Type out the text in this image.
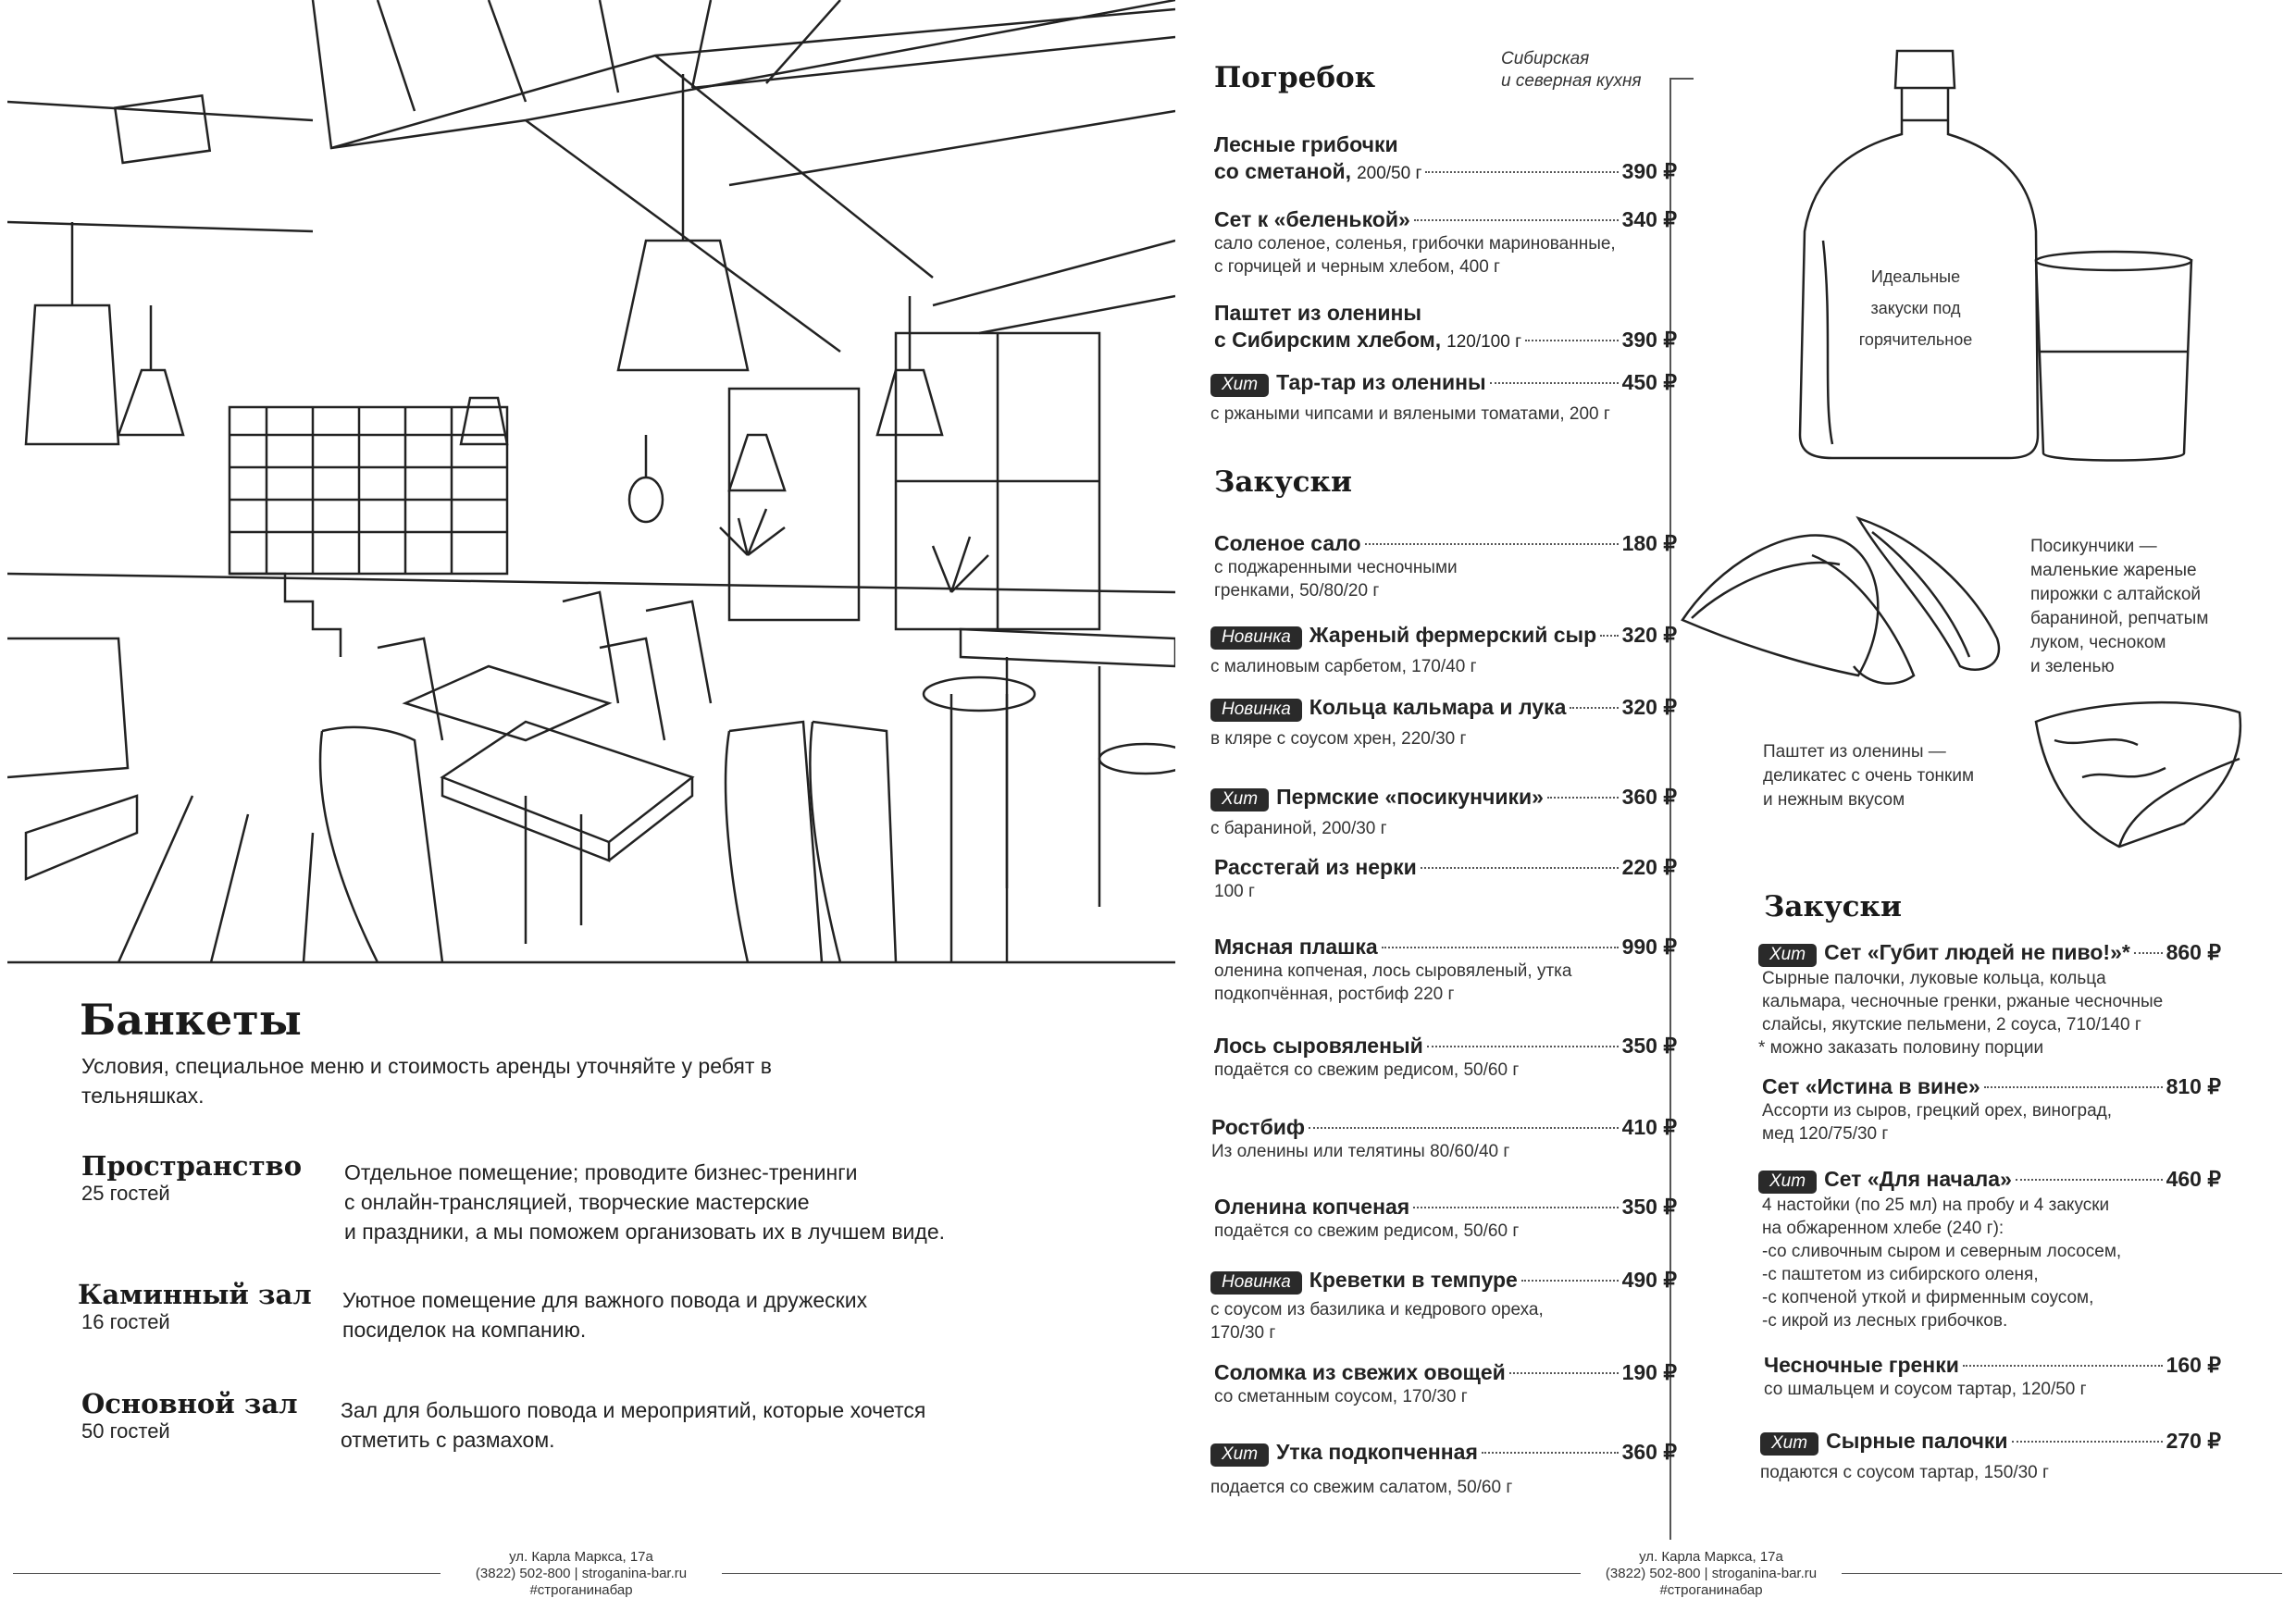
Банкеты
Условия, специальное меню и стоимость аренды уточняйте у ребят в тельняшках.
Пространство
25 гостей
Отдельное помещение; проводите бизнес-тренинги
с онлайн-трансляцией, творческие мастерские
и праздники, а мы поможем организовать их в лучшем виде.
Каминный зал
16 гостей
Уютное помещение для важного повода и дружеских
посиделок на компанию.
Основной зал
50 гостей
Зал для большого повода и мероприятий, которые хочется
отметить с размахом.
Погребок
Сибирская
и северная кухня
Лесные грибочки
со сметаной, 200/50 г	390 ₽
Сет к «беленькой»	340 ₽
сало соленое, соленья, грибочки маринованные,
с горчицей и черным хлебом, 400 г
Паштет из оленины
с Сибирским хлебом, 120/100 г	390 ₽
Хит Тар-тар из оленины	450 ₽
с ржаными чипсами и вялеными томатами, 200 г
Закуски
Соленое сало	180 ₽
с поджаренными чесночными
гренками, 50/80/20 г
Новинка Жареный фермерский сыр 320 ₽
с малиновым сарбетом, 170/40 г
Новинка Кольца кальмара и лука	320 ₽
в кляре с соусом хрен, 220/30 г
Хит Пермские «посикунчики»	360 ₽
с бараниной, 200/30 г
Расстегай из нерки	220 ₽
100 г
Мясная плашка	990 ₽
оленина копченая, лось сыровяленый, утка
подкопчённая, ростбиф 220 г
Лось сыровяленый	350 ₽
подаётся со свежим редисом, 50/60 г
Ростбиф	410 ₽
Из оленины или телятины 80/60/40 г
Оленина копченая	350 ₽
подаётся со свежим редисом, 50/60 г
Новинка Креветки в темпуре	490 ₽
с соусом из базилика и кедрового ореха,
170/30 г
Соломка из свежих овощей	190 ₽
со сметанным соусом, 170/30 г
Хит Утка подкопченная	360 ₽
подается со свежим салатом, 50/60 г
Идеальные
закуски под
горячительное
Посикунчики —
маленькие жареные
пирожки с алтайской
бараниной, репчатым
луком, чесноком
и зеленью
Паштет из оленины —
деликатес с очень тонким
и нежным вкусом
Закуски
Хит Сет «Губит людей не пиво!»* 860 ₽
Сырные палочки, луковые кольца, кольца
кальмара, чесночные гренки, ржаные чесночные
слайсы, якутские пельмени, 2 соуса, 710/140 г
* можно заказать половину порции
Сет «Истина в вине»	810 ₽
Ассорти из сыров, грецкий орех, виноград,
мед 120/75/30 г
Хит Сет «Для начала»	460 ₽
4 настойки (по 25 мл) на пробу и 4 закуски
на обжаренном хлебе (240 г):
-со сливочным сыром и северным лососем,
-с паштетом из сибирского оленя,
-с копченой уткой и фирменным соусом,
-с икрой из лесных грибочков.
Чесночные гренки	160 ₽
со шмальцем и соусом тартар, 120/50 г
Хит Сырные палочки	270 ₽
подаются с соусом тартар, 150/30 г
ул. Карла Маркса, 17а
(3822) 502-800 | stroganina-bar.ru
#строганинабар
ул. Карла Маркса, 17а
(3822) 502-800 | stroganina-bar.ru
#строганинабар
